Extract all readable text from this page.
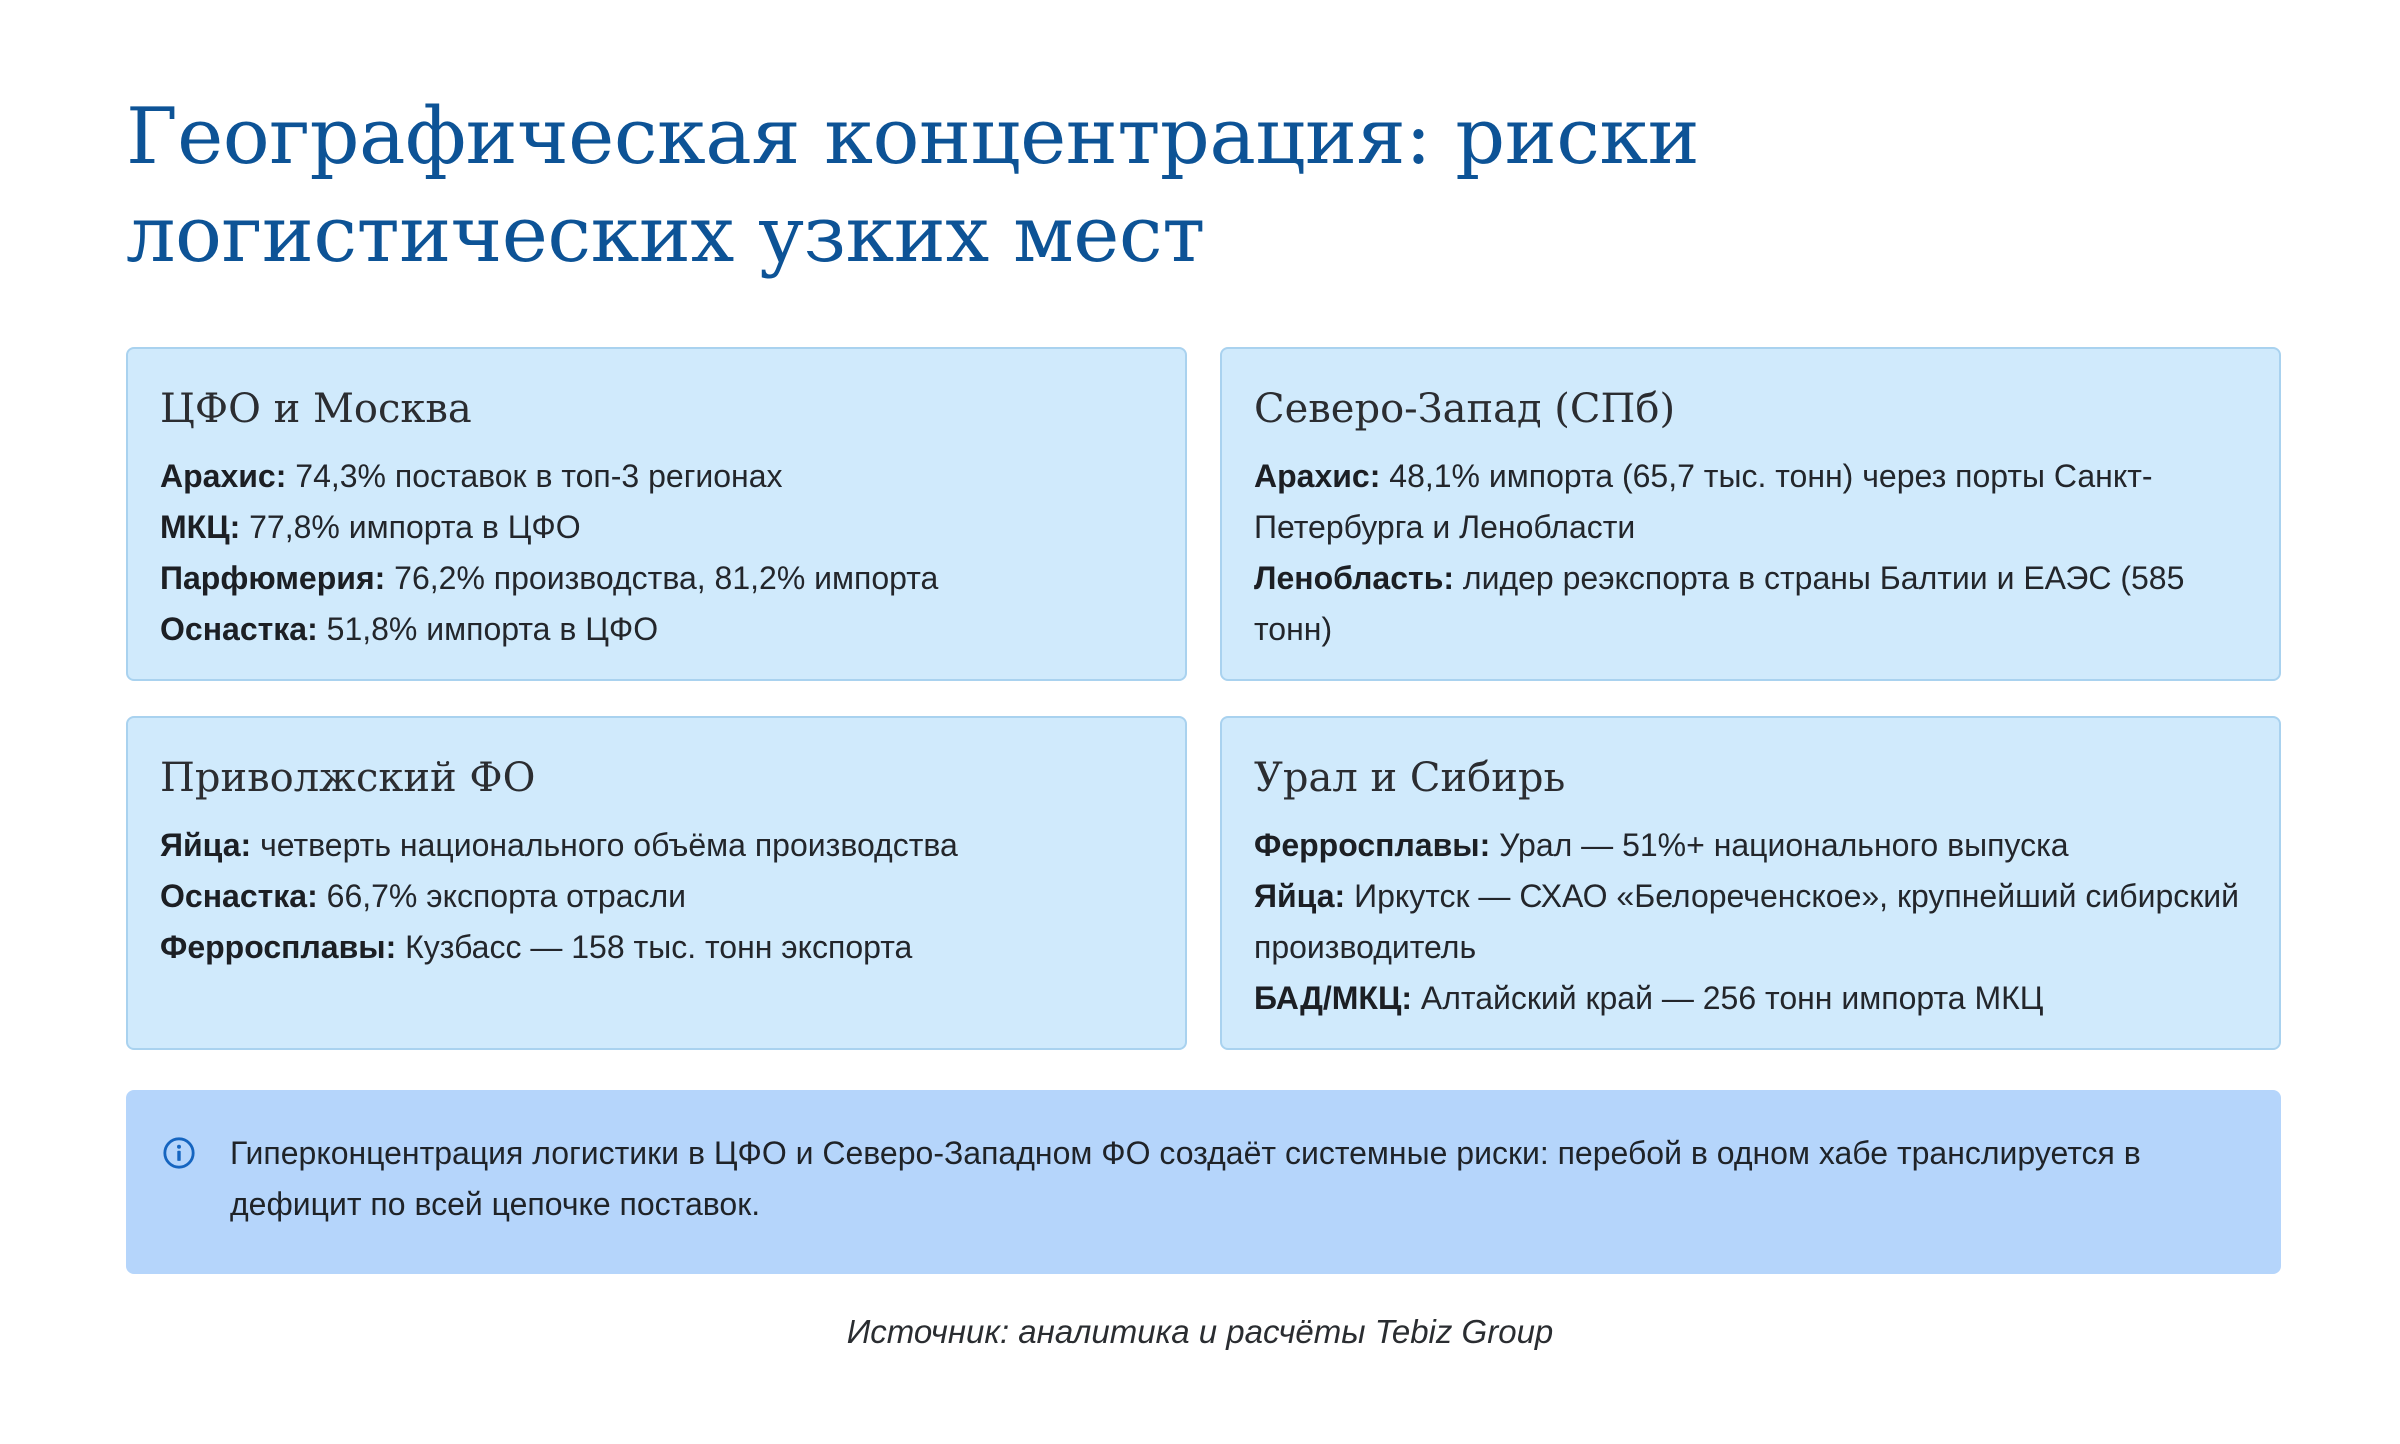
Географическая концентрация: риски логистических узких мест
ЦФО и Москва
Арахис: 74,3% поставок в топ-3 регионах
МКЦ: 77,8% импорта в ЦФО
Парфюмерия: 76,2% производства, 81,2% импорта
Оснастка: 51,8% импорта в ЦФО
Северо-Запад (СПб)
Арахис: 48,1% импорта (65,7 тыс. тонн) через порты Санкт-Петербурга и Ленобласти
Ленобласть: лидер реэкспорта в страны Балтии и ЕАЭС (585 тонн)
Приволжский ФО
Яйца: четверть национального объёма производства
Оснастка: 66,7% экспорта отрасли
Ферросплавы: Кузбасс — 158 тыс. тонн экспорта
Урал и Сибирь
Ферросплавы: Урал — 51%+ национального выпуска
Яйца: Иркутск — СХАО «Белореченское», крупнейший сибирский производитель
БАД/МКЦ: Алтайский край — 256 тонн импорта МКЦ

Гиперконцентрация логистики в ЦФО и Северо-Западном ФО создаёт системные риски: перебой в одном хабе транслируется в дефицит по всей цепочке поставок.

Источник: аналитика и расчёты Tebiz Group
